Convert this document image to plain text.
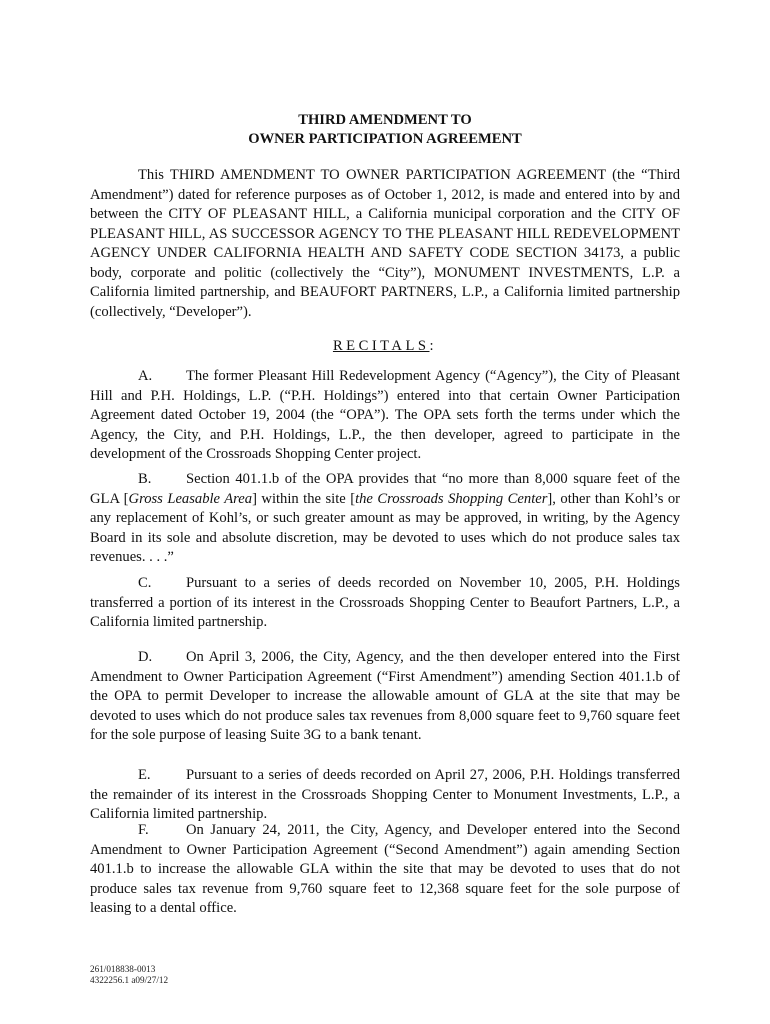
THIRD AMENDMENT TO
OWNER PARTICIPATION AGREEMENT

This THIRD AMENDMENT TO OWNER PARTICIPATION AGREEMENT (the “Third Amendment”) dated for reference purposes as of October 1, 2012, is made and entered into by and between the CITY OF PLEASANT HILL, a California municipal corporation and the CITY OF PLEASANT HILL, AS SUCCESSOR AGENCY TO THE PLEASANT HILL REDEVELOPMENT AGENCY UNDER CALIFORNIA HEALTH AND SAFETY CODE SECTION 34173, a public body, corporate and politic (collectively the “City”), MONUMENT INVESTMENTS, L.P. a California limited partnership, and BEAUFORT PARTNERS, L.P., a California limited partnership (collectively, “Developer”).

RECITALS:

A. The former Pleasant Hill Redevelopment Agency (“Agency”), the City of Pleasant Hill and P.H. Holdings, L.P. (“P.H. Holdings”) entered into that certain Owner Participation Agreement dated October 19, 2004 (the “OPA”). The OPA sets forth the terms under which the Agency, the City, and P.H. Holdings, L.P., the then developer, agreed to participate in the development of the Crossroads Shopping Center project.

B. Section 401.1.b of the OPA provides that “no more than 8,000 square feet of the GLA [Gross Leasable Area] within the site [the Crossroads Shopping Center], other than Kohl’s or any replacement of Kohl’s, or such greater amount as may be approved, in writing, by the Agency Board in its sole and absolute discretion, may be devoted to uses which do not produce sales tax revenues. . . .”

C. Pursuant to a series of deeds recorded on November 10, 2005, P.H. Holdings transferred a portion of its interest in the Crossroads Shopping Center to Beaufort Partners, L.P., a California limited partnership.

D. On April 3, 2006, the City, Agency, and the then developer entered into the First Amendment to Owner Participation Agreement (“First Amendment”) amending Section 401.1.b of the OPA to permit Developer to increase the allowable amount of GLA at the site that may be devoted to uses which do not produce sales tax revenues from 8,000 square feet to 9,760 square feet for the sole purpose of leasing Suite 3G to a bank tenant.

E. Pursuant to a series of deeds recorded on April 27, 2006, P.H. Holdings transferred the remainder of its interest in the Crossroads Shopping Center to Monument Investments, L.P., a California limited partnership.

F.	On January 24, 2011, the City, Agency, and Developer entered into the Second Amendment to Owner Participation Agreement (“Second Amendment”) again amending Section 401.1.b to increase the allowable GLA within the site that may be devoted to uses that do not produce sales tax revenue from 9,760 square feet to 12,368 square feet for the sole purpose of leasing to a dental office.

261/018838-0013
4322256.1 a09/27/12
